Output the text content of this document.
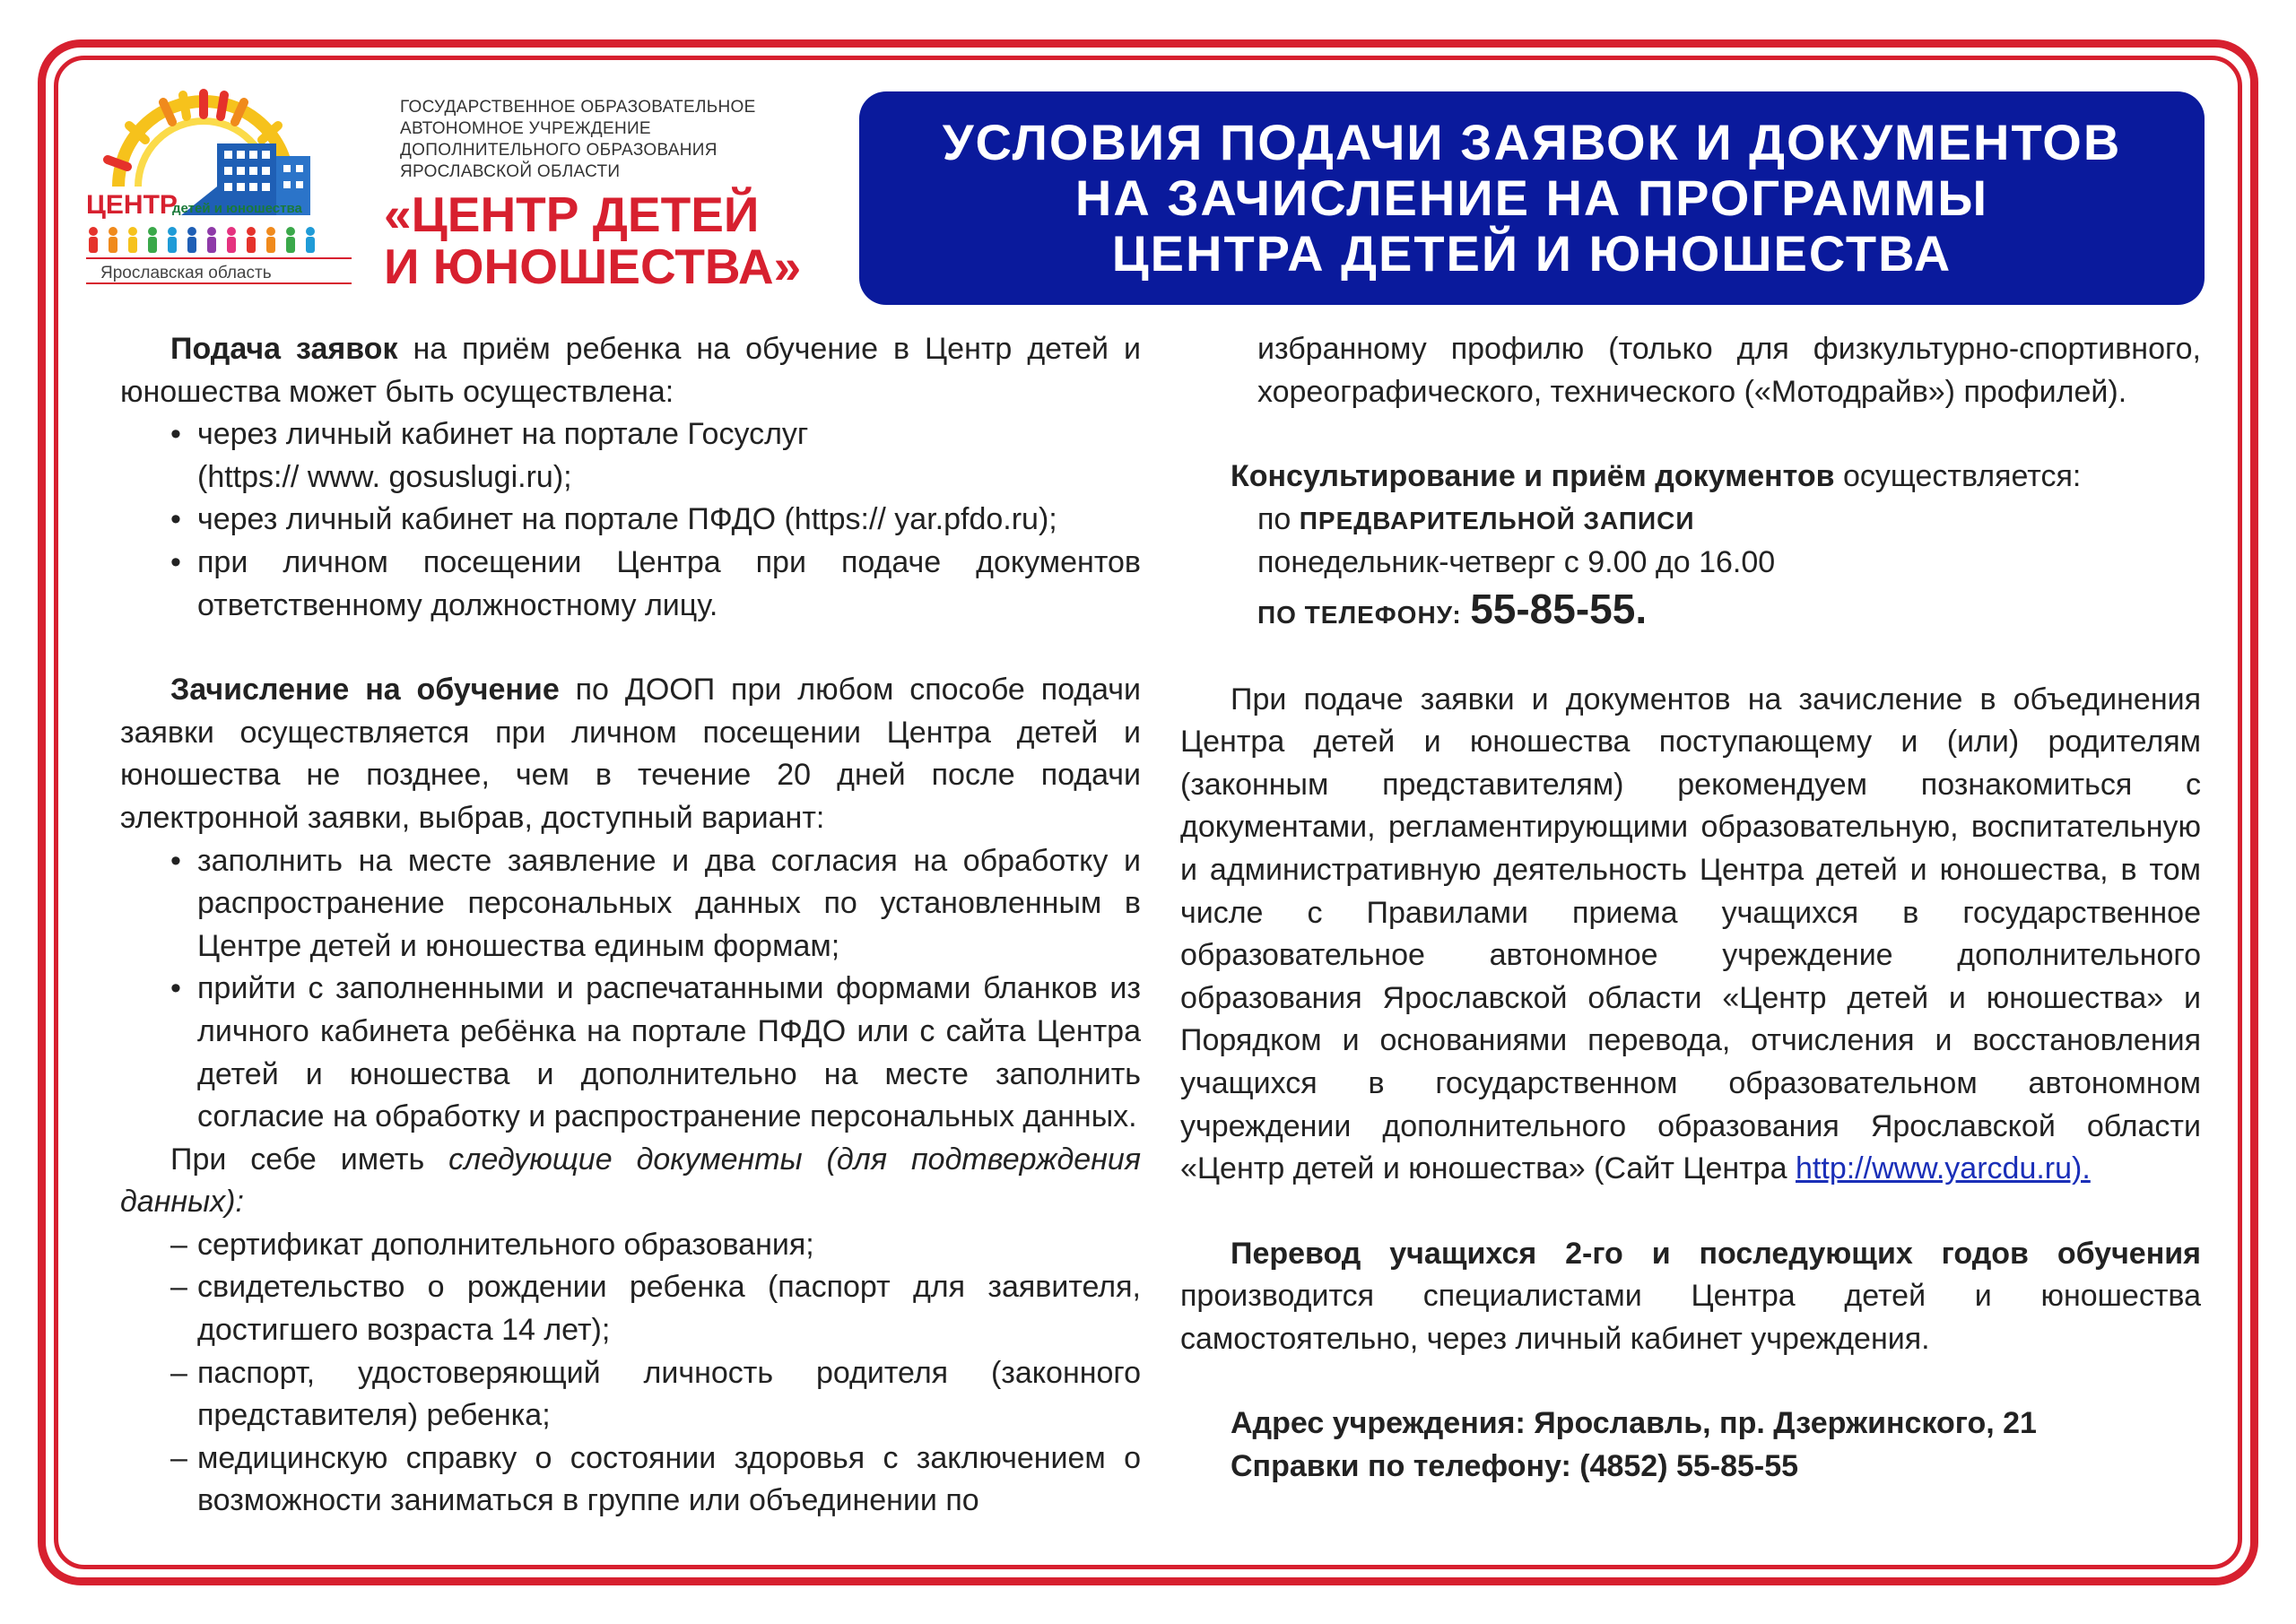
ЦЕНТР
детей и юношества
Ярославская область
ГОСУДАРСТВЕННОЕ ОБРАЗОВАТЕЛЬНОЕ
АВТОНОМНОЕ УЧРЕЖДЕНИЕ
ДОПОЛНИТЕЛЬНОГО ОБРАЗОВАНИЯ
ЯРОСЛАВСКОЙ ОБЛАСТИ
«ЦЕНТР ДЕТЕЙ
И ЮНОШЕСТВА»
УСЛОВИЯ ПОДАЧИ ЗАЯВОК И ДОКУМЕНТОВ
НА ЗАЧИСЛЕНИЕ НА ПРОГРАММЫ
ЦЕНТРА ДЕТЕЙ И ЮНОШЕСТВА

Подача заявок на приём ребенка на обучение в Центр детей и юношества может быть осуществлена:

• через личный кабинет на портале Госуслуг
(https:// www. gosuslugi.ru);
• через личный кабинет на портале ПФДО (https:// yar.pfdo.ru);
• при личном посещении Центра при подаче документов ответственному должностному лицу.

Зачисление на обучение по ДООП при любом способе подачи заявки осуществляется при личном посещении Центра детей и юношества не позднее, чем в течение 20 дней после подачи электронной заявки, выбрав, доступный вариант:

• заполнить на месте заявление и два согласия на обработку и распространение персональных данных по установленным в Центре детей и юношества единым формам;
• прийти с заполненными и распечатанными формами бланков из личного кабинета ребёнка на портале ПФДО или с сайта Центра детей и юношества и дополнительно на месте заполнить согласие на обработку и распространение персональных данных.

При себе иметь следующие документы (для подтверждения данных):

– сертификат дополнительного образования;
– свидетельство о рождении ребенка (паспорт для заявителя, достигшего возраста 14 лет);
– паспорт, удостоверяющий личность родителя (законного представителя) ребенка;
– медицинскую справку о состоянии здоровья с заключением о возможности заниматься в группе или объединении по
избранному профилю (только для физкультурно-спортивного, хореографического, технического («Мотодрайв») профилей).

Консультирование и приём документов осуществляется:

по ПРЕДВАРИТЕЛЬНОЙ ЗАПИСИ

понедельник-четверг с 9.00 до 16.00

ПО ТЕЛЕФОНУ: 55-85-55.

При подаче заявки и документов на зачисление в объединения Центра детей и юношества поступающему и (или) родителям (законным представителям) рекомендуем познакомиться с документами, регламентирующими образовательную, воспитательную и административную деятельность Центра детей и юношества, в том числе с Правилами приема учащихся в государственное образовательное автономное учреждение дополнительного образования Ярославской области «Центр детей и юношества» и Порядком и основаниями перевода, отчисления и восстановления учащихся в государственном образовательном автономном учреждении дополнительного образования Ярославской области «Центр детей и юношества» (Сайт Центра http://www.yarcdu.ru).

Перевод учащихся 2-го и последующих годов обучения производится специалистами Центра детей и юношества самостоятельно, через личный кабинет учреждения.

Адрес учреждения: Ярославль, пр. Дзержинского, 21

Справки по телефону: (4852) 55-85-55
